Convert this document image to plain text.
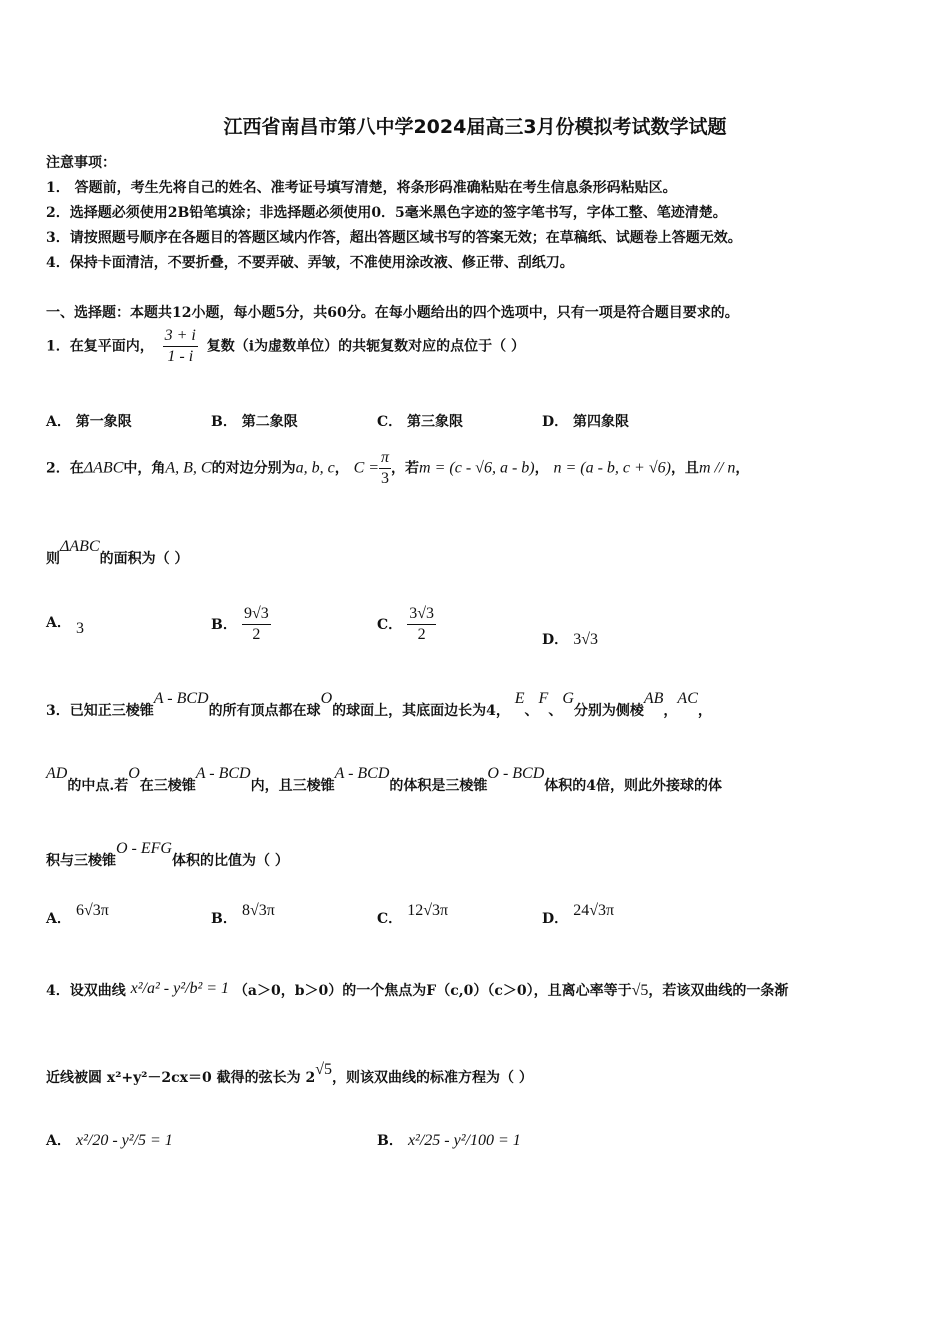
江西省南昌市第八中学2024届高三3月份模拟考试数学试题
注意事项：
1． 答题前，考生先将自己的姓名、准考证号填写清楚，将条形码准确粘贴在考生信息条形码粘贴区。
2．选择题必须使用2B铅笔填涂；非选择题必须使用0．5毫米黑色字迹的签字笔书写，字体工整、笔迹清楚。
3．请按照题号顺序在各题目的答题区域内作答，超出答题区域书写的答案无效；在草稿纸、试题卷上答题无效。
4．保持卡面清洁，不要折叠，不要弄破、弄皱，不准使用涂改液、修正带、刮纸刀。
一、选择题：本题共12小题，每小题5分，共60分。在每小题给出的四个选项中，只有一项是符合题目要求的。
1．在复平面内， $\frac{3 + i}{1 - i}$ 复数（i为虚数单位）的共轭复数对应的点位于（ ）
A． 第一象限	B． 第二象限	C． 第三象限	D． 第四象限
2．在ΔABC中，角A, B, C的对边分别为a, b, c， $C = \frac{\pi}{3}$ ，若m = (c - √6, a - b)， n = (a - b, c + √6)，且m // n，
则ΔABC的面积为（ ）
A． 3	B． $\frac{9√3}{2}$	C． $\frac{3√3}{2}$	D． 3√3
3．已知正三棱锥A - BCD的所有顶点都在球O的球面上，其底面边长为4， E、F、G分别为侧棱AB，AC，
AD的中点.若O在三棱锥A - BCD内，且三棱锥A - BCD的体积是三棱锥O - BCD体积的4倍，则此外接球的体
积与三棱锥O - EFG体积的比值为（ ）
A． 6√3π	B． 8√3π	C． 12√3π	D． 24√3π
4．设双曲线 x²/a² - y²/b² = 1 （a＞0，b＞0）的一个焦点为F（c,0）（c＞0），且离心率等于√5，若该双曲线的一条渐
近线被圆 x²+y²－2cx＝0 截得的弦长为 2√5，则该双曲线的标准方程为（ ）
A． x²/20 - y²/5 = 1	B． x²/25 - y²/100 = 1
